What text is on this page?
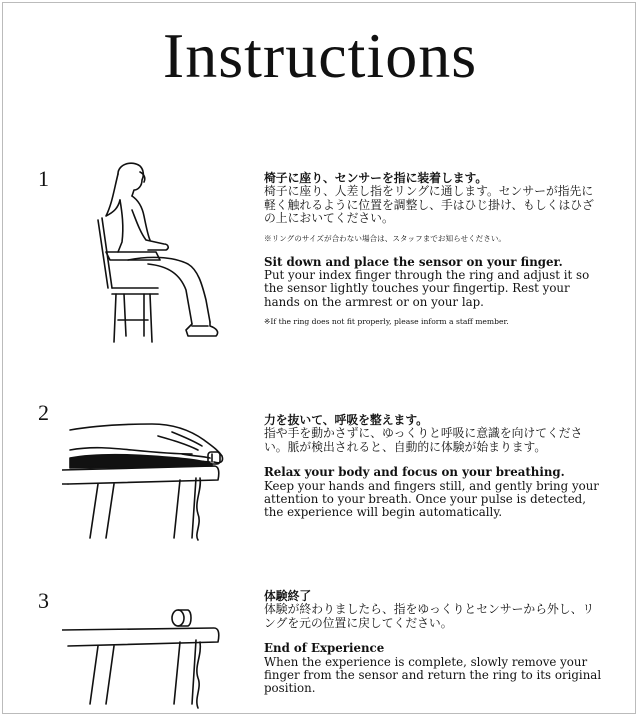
Instructions
1	椅子に座り、センサーを指に装着します。

椅子に座り、人差し指をリングに通します。センサーが指先に軽く触れるように位置を調整し、手はひじ掛け、もしくはひざの上においてください。

※リングのサイズが合わない場合は、スタッフまでお知らせください。

Sit down and place the sensor on your finger.

Put your index finger through the ring and adjust it so the sensor lightly touches your fingertip. Rest your hands on the armrest or on your lap.

※If the ring does not fit properly, please inform a staff member.

2	力を抜いて、呼吸を整えます。

指や手を動かさずに、ゆっくりと呼吸に意識を向けてください。脈が検出されると、自動的に体験が始まります。

Relax your body and focus on your breathing.

Keep your hands and fingers still, and gently bring your attention to your breath. Once your pulse is detected, the experience will begin automatically.

3	体験終了

体験が終わりましたら、指をゆっくりとセンサーから外し、リングを元の位置に戻してください。

End of Experience

When the experience is complete, slowly remove your finger from the sensor and return the ring to its original position.
